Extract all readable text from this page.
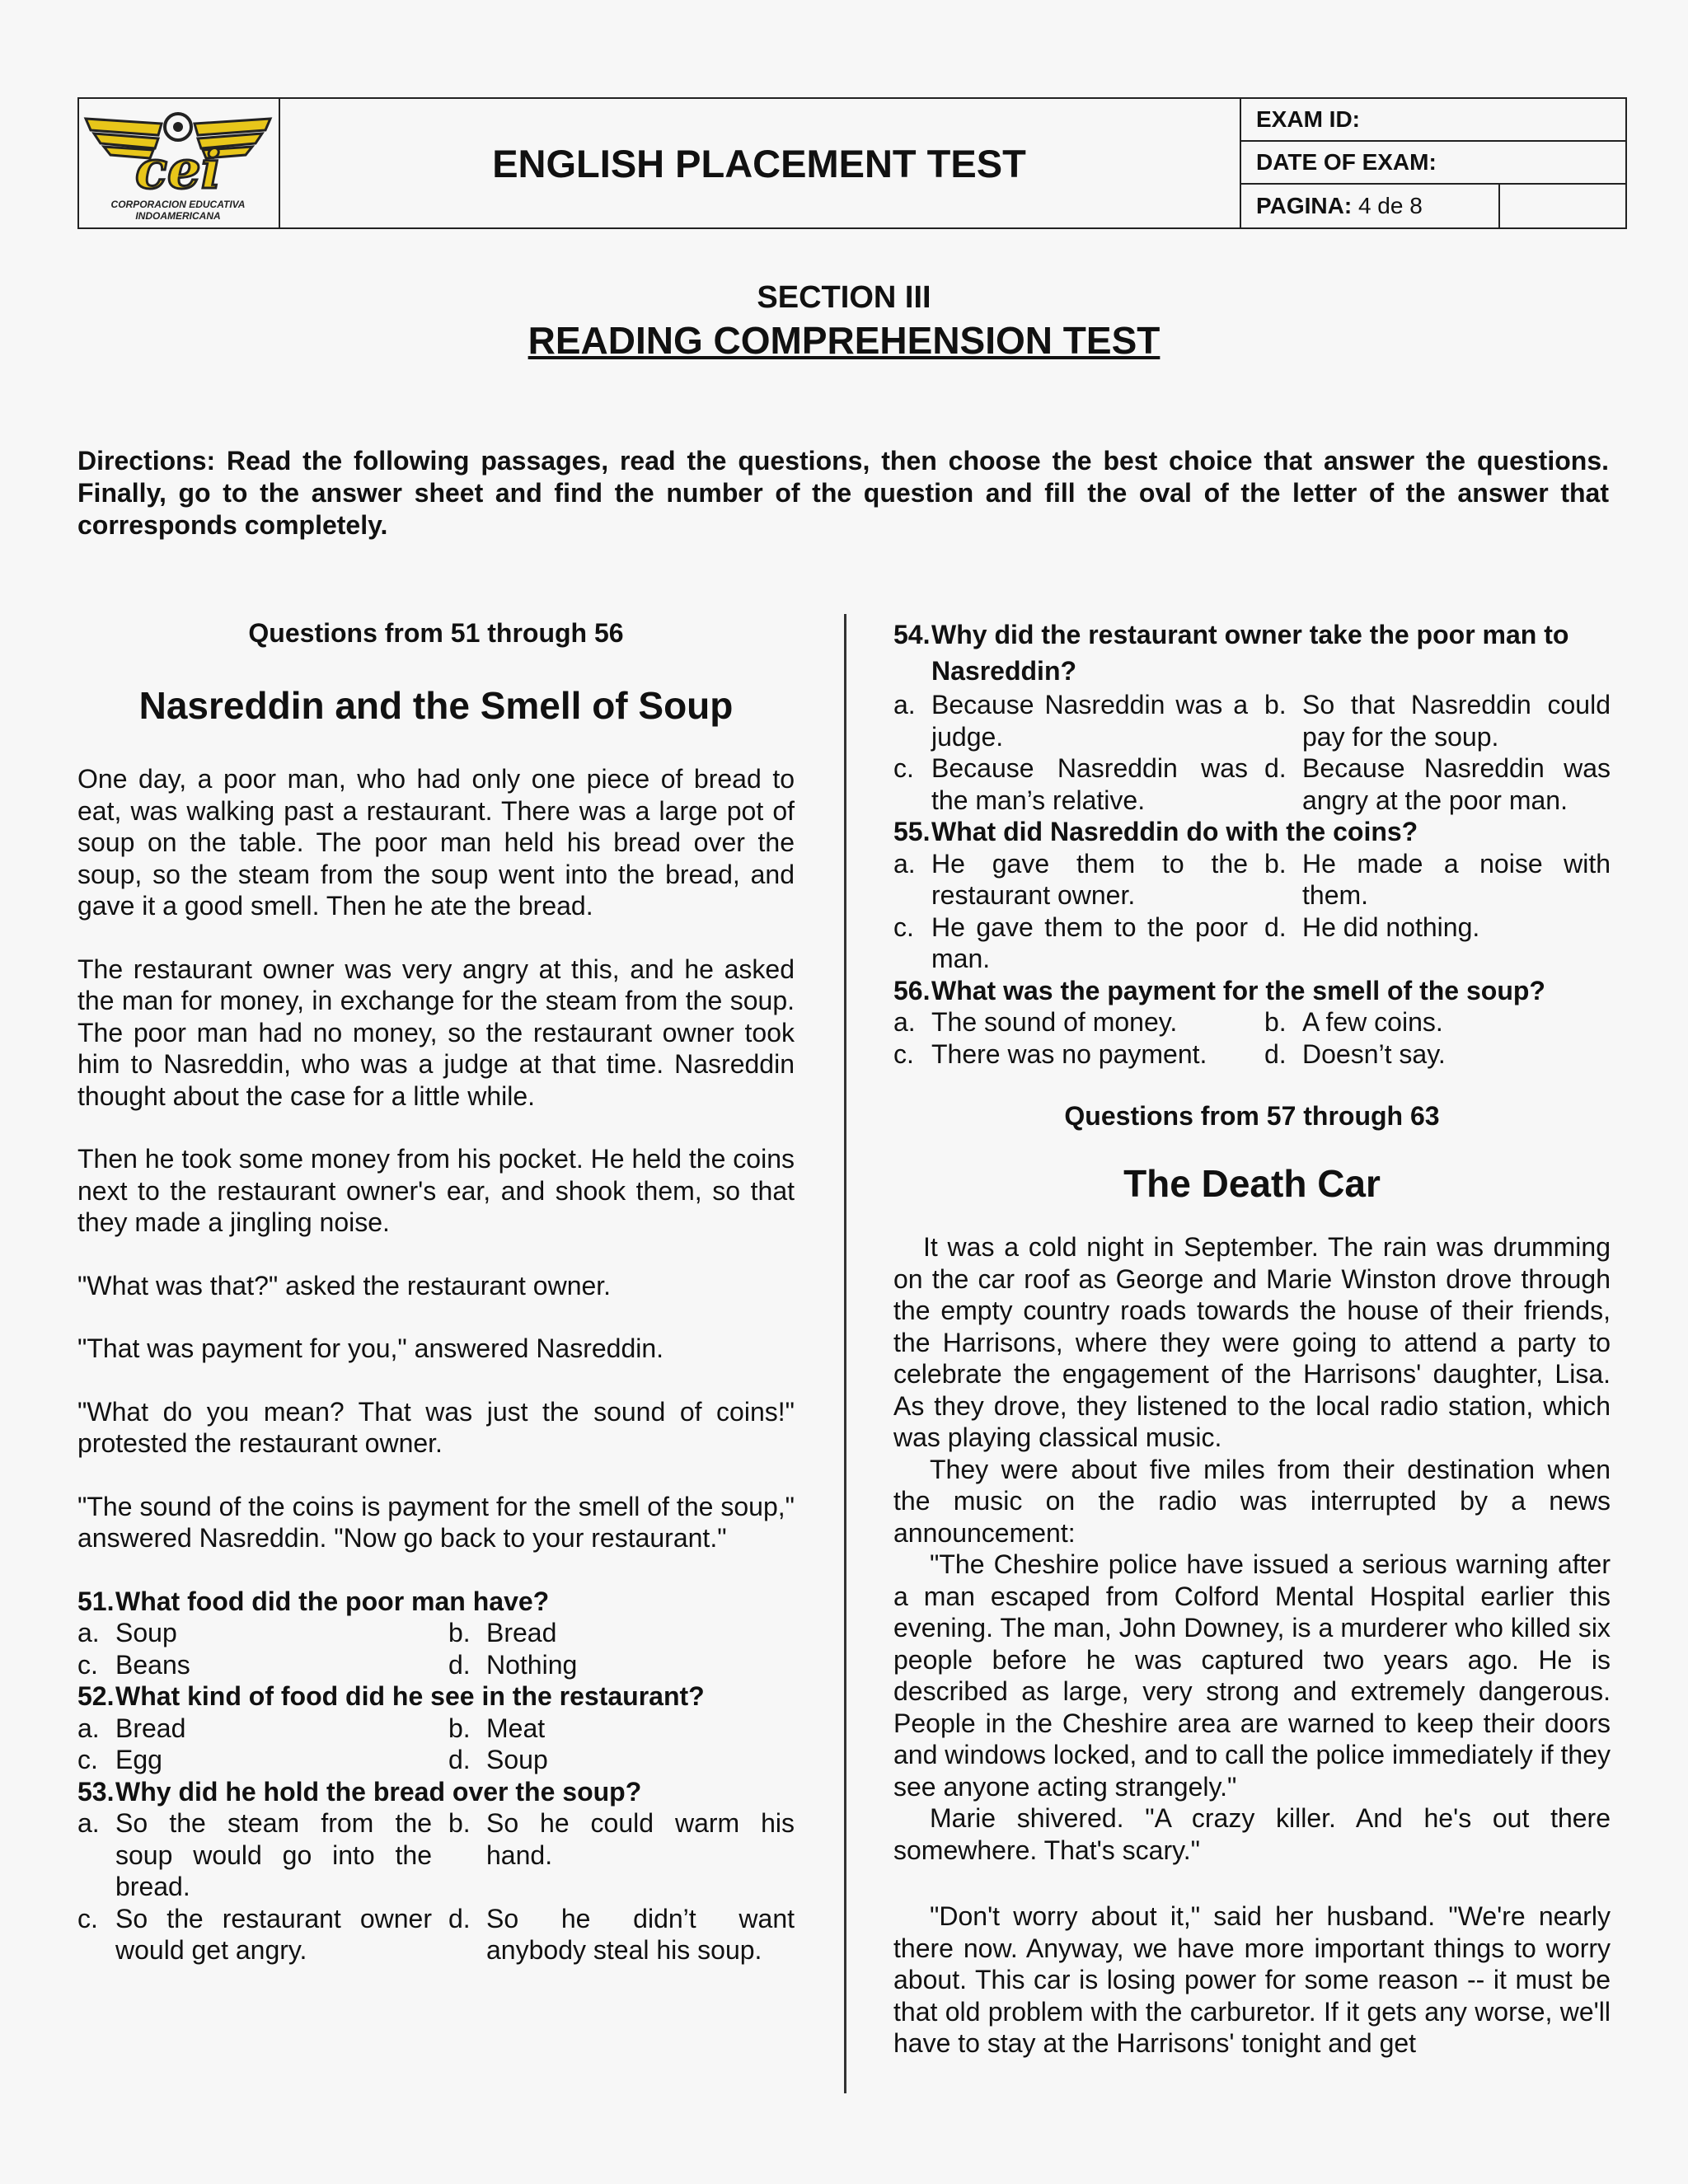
cei
CORPORACION EDUCATIVA
INDOAMERICANA
ENGLISH PLACEMENT TEST
EXAM ID:
DATE OF EXAM:
PAGINA:
4 de 8
SECTION III
READING COMPREHENSION TEST
Directions: Read the following passages, read the questions, then choose the best choice that answer the questions. Finally, go to the answer sheet and find the number of the question and fill the oval of the letter of the answer that corresponds completely.
Questions from 51 through 56
Nasreddin and the Smell of Soup

One day, a poor man, who had only one piece of bread to eat, was walking past a restaurant. There was a large pot of soup on the table. The poor man held his bread over the soup, so the steam from the soup went into the bread, and gave it a good smell. Then he ate the bread.

The restaurant owner was very angry at this, and he asked the man for money, in exchange for the steam from the soup. The poor man had no money, so the restaurant owner took him to Nasreddin, who was a judge at that time. Nasreddin thought about the case for a little while.

Then he took some money from his pocket. He held the coins next to the restaurant owner's ear, and shook them, so that they made a jingling noise.

"What was that?" asked the restaurant owner.

"That was payment for you," answered Nasreddin.

"What do you mean? That was just the sound of coins!" protested the restaurant owner.

"The sound of the coins is payment for the smell of the soup," answered Nasreddin. "Now go back to your restaurant."

51. What food did the poor man have?
a. Soup	b. Bread
c. Beans	d. Nothing
52. What kind of food did he see in the restaurant?
a. Bread	b. Meat
c. Egg	d. Soup
53. Why did he hold the bread over the soup?
a. So the steam from the soup would go into the bread.
b. So he could warm his hand.
c. So the restaurant owner would get angry.
d. So he didn’t want anybody steal his soup.
54. Why did the restaurant owner take the poor man to Nasreddin?
a. Because Nasreddin was a judge.
b. So that Nasreddin could pay for the soup.
c. Because Nasreddin was the man’s relative.
d. Because Nasreddin was angry at the poor man.
55. What did Nasreddin do with the coins?
a. He gave them to the restaurant owner.
b. He made a noise with them.
c. He gave them to the poor man.
d. He did nothing.
56. What was the payment for the smell of the soup?
a. The sound of money.	b. A few coins.
c. There was no payment.	d. Doesn’t say.
Questions from 57 through 63
The Death Car

It was a cold night in September. The rain was drumming on the car roof as George and Marie Winston drove through the empty country roads towards the house of their friends, the Harrisons, where they were going to attend a party to celebrate the engagement of the Harrisons' daughter, Lisa. As they drove, they listened to the local radio station, which was playing classical music.

They were about five miles from their destination when the music on the radio was interrupted by a news announcement:

"The Cheshire police have issued a serious warning after a man escaped from Colford Mental Hospital earlier this evening. The man, John Downey, is a murderer who killed six people before he was captured two years ago. He is described as large, very strong and extremely dangerous. People in the Cheshire area are warned to keep their doors and windows locked, and to call the police immediately if they see anyone acting strangely."

Marie shivered. "A crazy killer. And he's out there somewhere. That's scary."

"Don't worry about it," said her husband. "We're nearly there now. Anyway, we have more important things to worry about. This car is losing power for some reason -- it must be that old problem with the carburetor. If it gets any worse, we'll have to stay at the Harrisons' tonight and get
